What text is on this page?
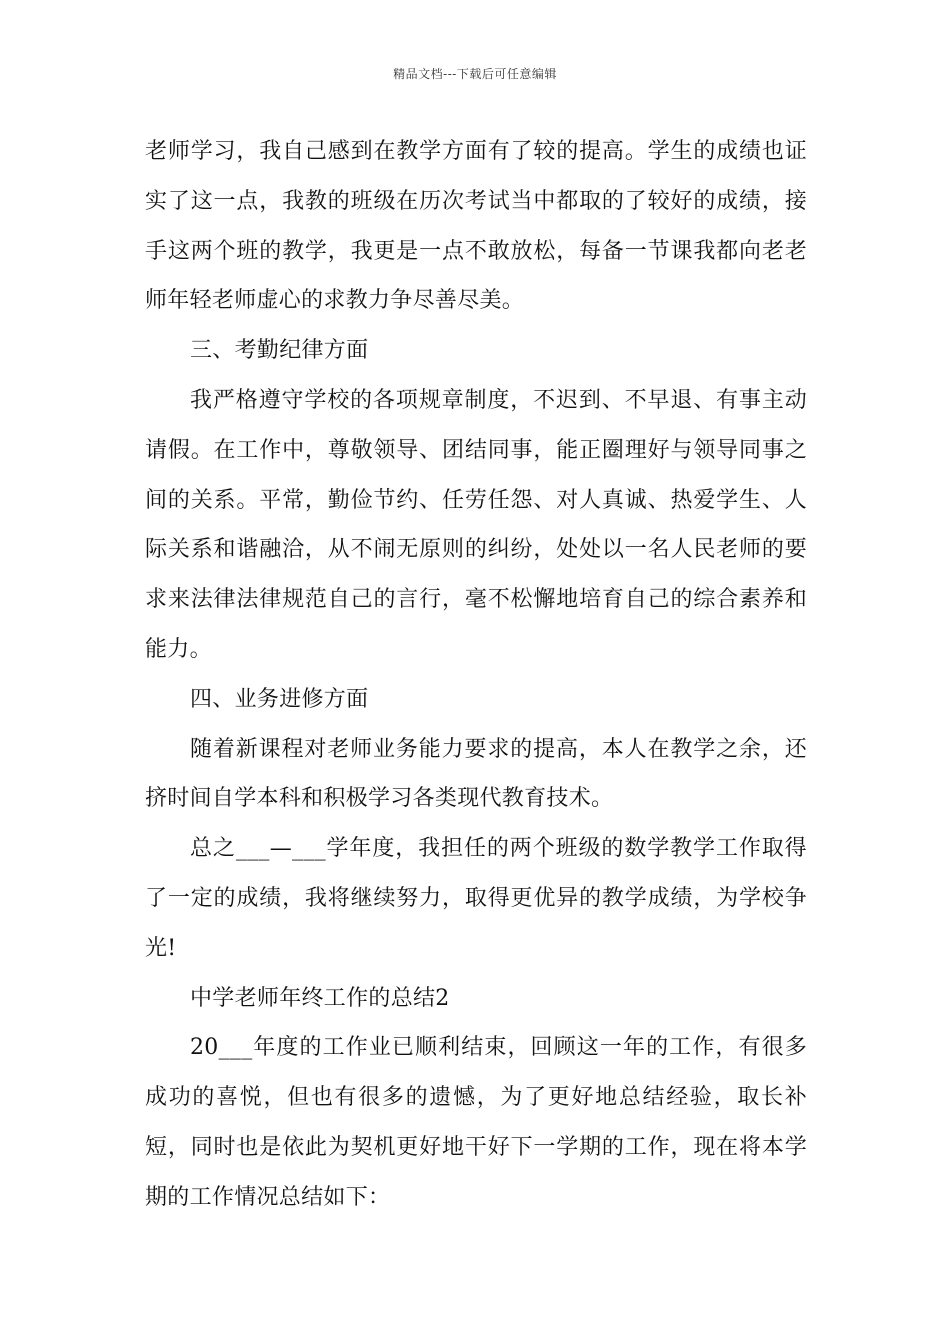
精品文档---下载后可任意编辑

老师学习，我自己感到在教学方面有了较的提高。学生的成绩也证实了这一点，我教的班级在历次考试当中都取的了较好的成绩，接手这两个班的教学，我更是一点不敢放松，每备一节课我都向老老师年轻老师虚心的求教力争尽善尽美。

三、考勤纪律方面

我严格遵守学校的各项规章制度，不迟到、不早退、有事主动请假。在工作中，尊敬领导、团结同事，能正圈理好与领导同事之间的关系。平常，勤俭节约、任劳任怨、对人真诚、热爱学生、人际关系和谐融洽，从不闹无原则的纠纷，处处以一名人民老师的要求来法律法律规范自己的言行，毫不松懈地培育自己的综合素养和能力。

四、业务进修方面

随着新课程对老师业务能力要求的提高，本人在教学之余，还挤时间自学本科和积极学习各类现代教育技术。

总之___—___学年度，我担任的两个班级的数学教学工作取得了一定的成绩，我将继续努力，取得更优异的教学成绩，为学校争光!

中学老师年终工作的总结2

20___年度的工作业已顺利结束，回顾这一年的工作，有很多成功的喜悦，但也有很多的遗憾，为了更好地总结经验，取长补短，同时也是依此为契机更好地干好下一学期的工作，现在将本学期的工作情况总结如下：
